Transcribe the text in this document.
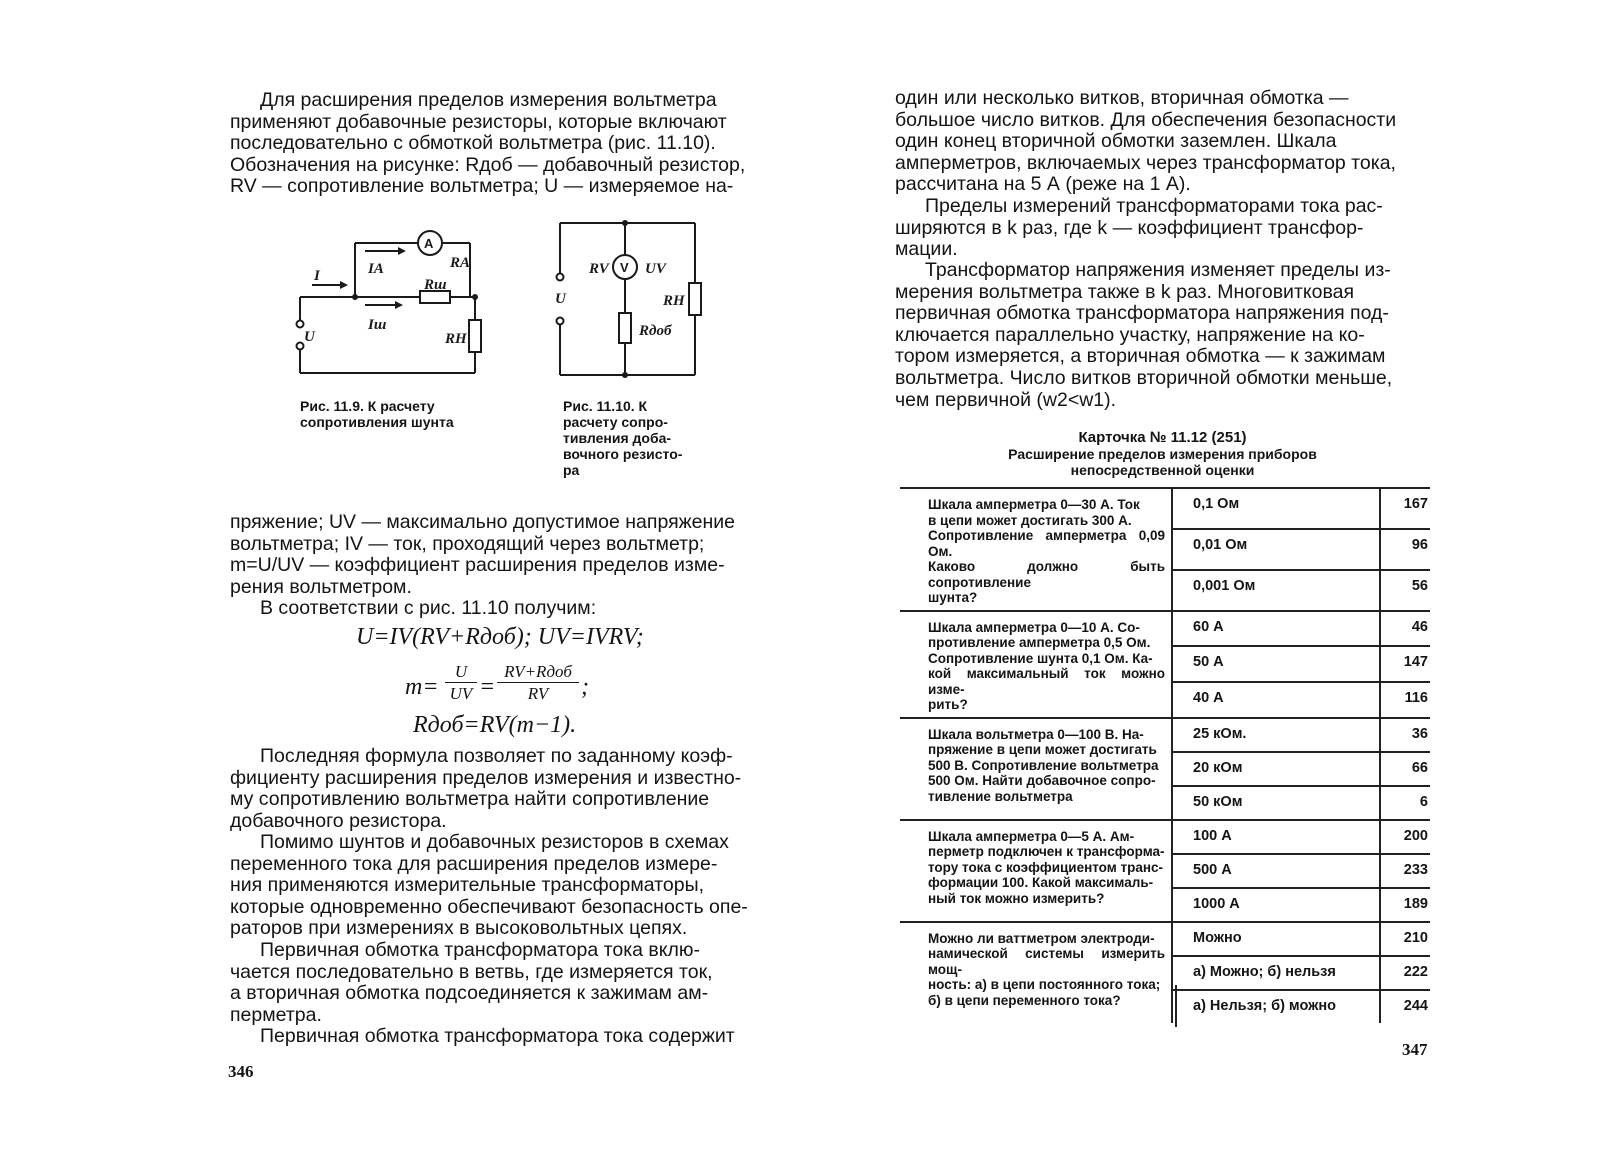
Для расширения пределов измерения вольтметра
применяют добавочные резисторы, которые включают
последовательно с обмоткой вольтметра (рис. 11.10).
Обозначения на рисунке: Rдоб — добавочный резистор,
RV — сопротивление вольтметра; U — измеряемое на-
I	IA	RA
Rш
Iш
U	RH
A
Рис. 11.9. К расчету
сопротивления шунта
RV UV
U	RH
Rдоб
V
Рис. 11.10. К
расчету сопро-
тивления доба-
вочного резисто-
ра
пряжение; UV — максимально допустимое напряжение
вольтметра; IV — ток, проходящий через вольтметр;
m=U/UV — коэффициент расширения пределов изме-
рения вольтметром.
В соответствии с рис. 11.10 получим:
U=IV(RV+Rдоб); UV=IVRV;
m=
U
UV =
RV+Rдоб
RV	;
Rдоб=RV(m−1).
Последняя формула позволяет по заданному коэф-
фициенту расширения пределов измерения и известно-
му сопротивлению вольтметра найти сопротивление
добавочного резистора.
Помимо шунтов и добавочных резисторов в схемах
переменного тока для расширения пределов измере-
ния применяются измерительные трансформаторы,
которые одновременно обеспечивают безопасность опе-
раторов при измерениях в высоковольтных цепях.
Первичная обмотка трансформатора тока вклю-
чается последовательно в ветвь, где измеряется ток,
а вторичная обмотка подсоединяется к зажимам ам-
перметра.
Первичная обмотка трансформатора тока содержит
346
один или несколько витков, вторичная обмотка —
большое число витков. Для обеспечения безопасности
один конец вторичной обмотки заземлен. Шкала
амперметров, включаемых через трансформатор тока,
рассчитана на 5 А (реже на 1 А).
Пределы измерений трансформаторами тока рас-
ширяются в k раз, где k — коэффициент трансфор-
мации.
Трансформатор напряжения изменяет пределы из-
мерения вольтметра также в k раз. Многовитковая
первичная обмотка трансформатора напряжения под-
ключается параллельно участку, напряжение на ко-
тором измеряется, а вторичная обмотка — к зажимам
вольтметра. Число витков вторичной обмотки меньше,
чем первичной (w2<w1).
Карточка № 11.12 (251)
Расширение пределов измерения приборов
непосредственной оценки
Шкала амперметра 0—30 А. Ток
в цепи может достигать 300 А.
Сопротивление амперметра 0,09 Ом.
Каково должно быть сопротивление
шунта?	0,1 Ом	167
	0,01 Ом	96
	0,001 Ом	56

Шкала амперметра 0—10 А. Со-
противление амперметра 0,5 Ом.
Сопротивление шунта 0,1 Ом. Ка-
кой максимальный ток можно изме-
рить?	60 А	46
	50 А	147
	40 А	116

Шкала вольтметра 0—100 В. На-
пряжение в цепи может достигать
500 В. Сопротивление вольтметра
500 Ом. Найти добавочное сопро-
тивление вольтметра	25 кОм.	36
	20 кОм	66
	50 кОм	6

Шкала амперметра 0—5 А. Ам-
перметр подключен к трансформа-
тору тока с коэффициентом транс-
формации 100. Какой максималь-
ный ток можно измерить?	100 А	200
	500 А	233
	1000 А	189

Можно ли ваттметром электроди-
намической системы измерить мощ-
ность: а) в цепи постоянного тока;
б) в цепи переменного тока?	Можно	210
	а) Можно; б) нельзя	222
	а) Нельзя; б) можно	244
347
